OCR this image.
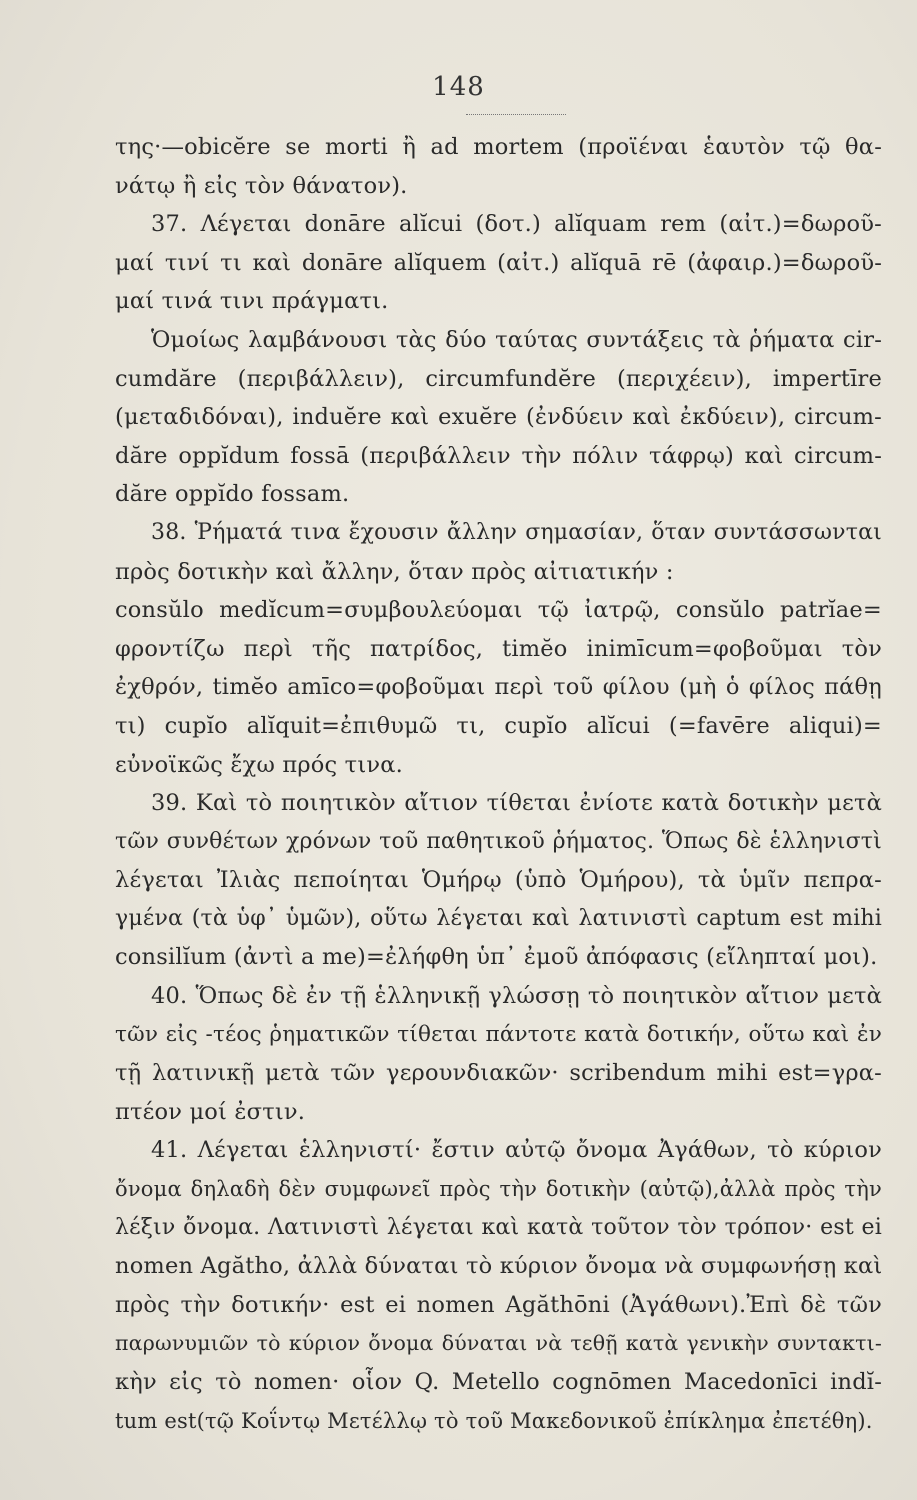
148
της·—obicĕre se morti ἢ ad mortem (προϊέναι ἑαυτὸν τῷ θα-
νάτῳ ἢ εἰς τὸν θάνατον).
37. Λέγεται donāre alĭcui (δοτ.) alĭquam rem (αἰτ.)=δωροῦ-
μαί τινί τι καὶ donāre alĭquem (αἰτ.) alĭquā rē (ἀφαιρ.)=δωροῦ-
μαί τινά τινι πράγματι.
Ὁμοίως λαμβάνουσι τὰς δύο ταύτας συντάξεις τὰ ῥήματα cir-
cumdăre (περιβάλλειν), circumfundĕre (περιχέειν), impertīre
(μεταδιδόναι), induĕre καὶ exuĕre (ἐνδύειν καὶ ἐκδύειν), circum-
dăre oppĭdum fossā (περιβάλλειν τὴν πόλιν τάφρῳ) καὶ circum-
dăre oppĭdo fossam.
38. Ῥήματά τινα ἔχουσιν ἄλλην σημασίαν, ὅταν συντάσσωνται
πρὸς δοτικὴν καὶ ἄλλην, ὅταν πρὸς αἰτιατικήν :
consŭlo medĭcum=συμβουλεύομαι τῷ ἰατρῷ, consŭlo patrĭae=
φροντίζω περὶ τῆς πατρίδος, timĕo inimīcum=φοβοῦμαι τὸν
ἐχθρόν, timĕo amīco=φοβοῦμαι περὶ τοῦ φίλου (μὴ ὁ φίλος πάθῃ
τι) cupĭo alĭquit=ἐπιθυμῶ τι, cupĭo alĭcui (=favēre aliqui)=
εὐνοϊκῶς ἔχω πρός τινα.
39. Καὶ τὸ ποιητικὸν αἴτιον τίθεται ἐνίοτε κατὰ δοτικὴν μετὰ
τῶν συνθέτων χρόνων τοῦ παθητικοῦ ῥήματος. Ὅπως δὲ ἑλληνιστὶ
λέγεται Ἰλιὰς πεποίηται Ὁμήρῳ (ὑπὸ Ὁμήρου), τὰ ὑμῖν πεπρα-
γμένα (τὰ ὑφ᾽ ὑμῶν), οὕτω λέγεται καὶ λατινιστὶ captum est mihi
consilĭum (ἀντὶ a me)=ἐλήφθη ὑπ᾽ ἐμοῦ ἀπόφασις (εἴληπταί μοι).
40. Ὅπως δὲ ἐν τῇ ἑλληνικῇ γλώσσῃ τὸ ποιητικὸν αἴτιον μετὰ
τῶν εἰς -τέος ῥηματικῶν τίθεται πάντοτε κατὰ δοτικήν, οὕτω καὶ ἐν
τῇ λατινικῇ μετὰ τῶν γερουνδιακῶν· scribendum mihi est=γρα-
πτέον μοί ἐστιν.
41. Λέγεται ἑλληνιστί· ἔστιν αὐτῷ ὄνομα Ἀγάθων, τὸ κύριον
ὄνομα δηλαδὴ δὲν συμφωνεῖ πρὸς τὴν δοτικὴν (αὐτῷ),ἀλλὰ πρὸς τὴν
λέξιν ὄνομα. Λατινιστὶ λέγεται καὶ κατὰ τοῦτον τὸν τρόπον· est ei
nomen Agătho, ἀλλὰ δύναται τὸ κύριον ὄνομα νὰ συμφωνήσῃ καὶ
πρὸς τὴν δοτικήν· est ei nomen Agăthōni (Ἀγάθωνι).Ἐπὶ δὲ τῶν
παρωνυμιῶν τὸ κύριον ὄνομα δύναται νὰ τεθῇ κατὰ γενικὴν συντακτι-
κὴν εἰς τὸ nomen· οἷον Q. Metello cognōmen Macedonīci indĭ-
tum est(τῷ Κοΐντῳ Μετέλλῳ τὸ τοῦ Μακεδονικοῦ ἐπίκλημα ἐπετέθη).
